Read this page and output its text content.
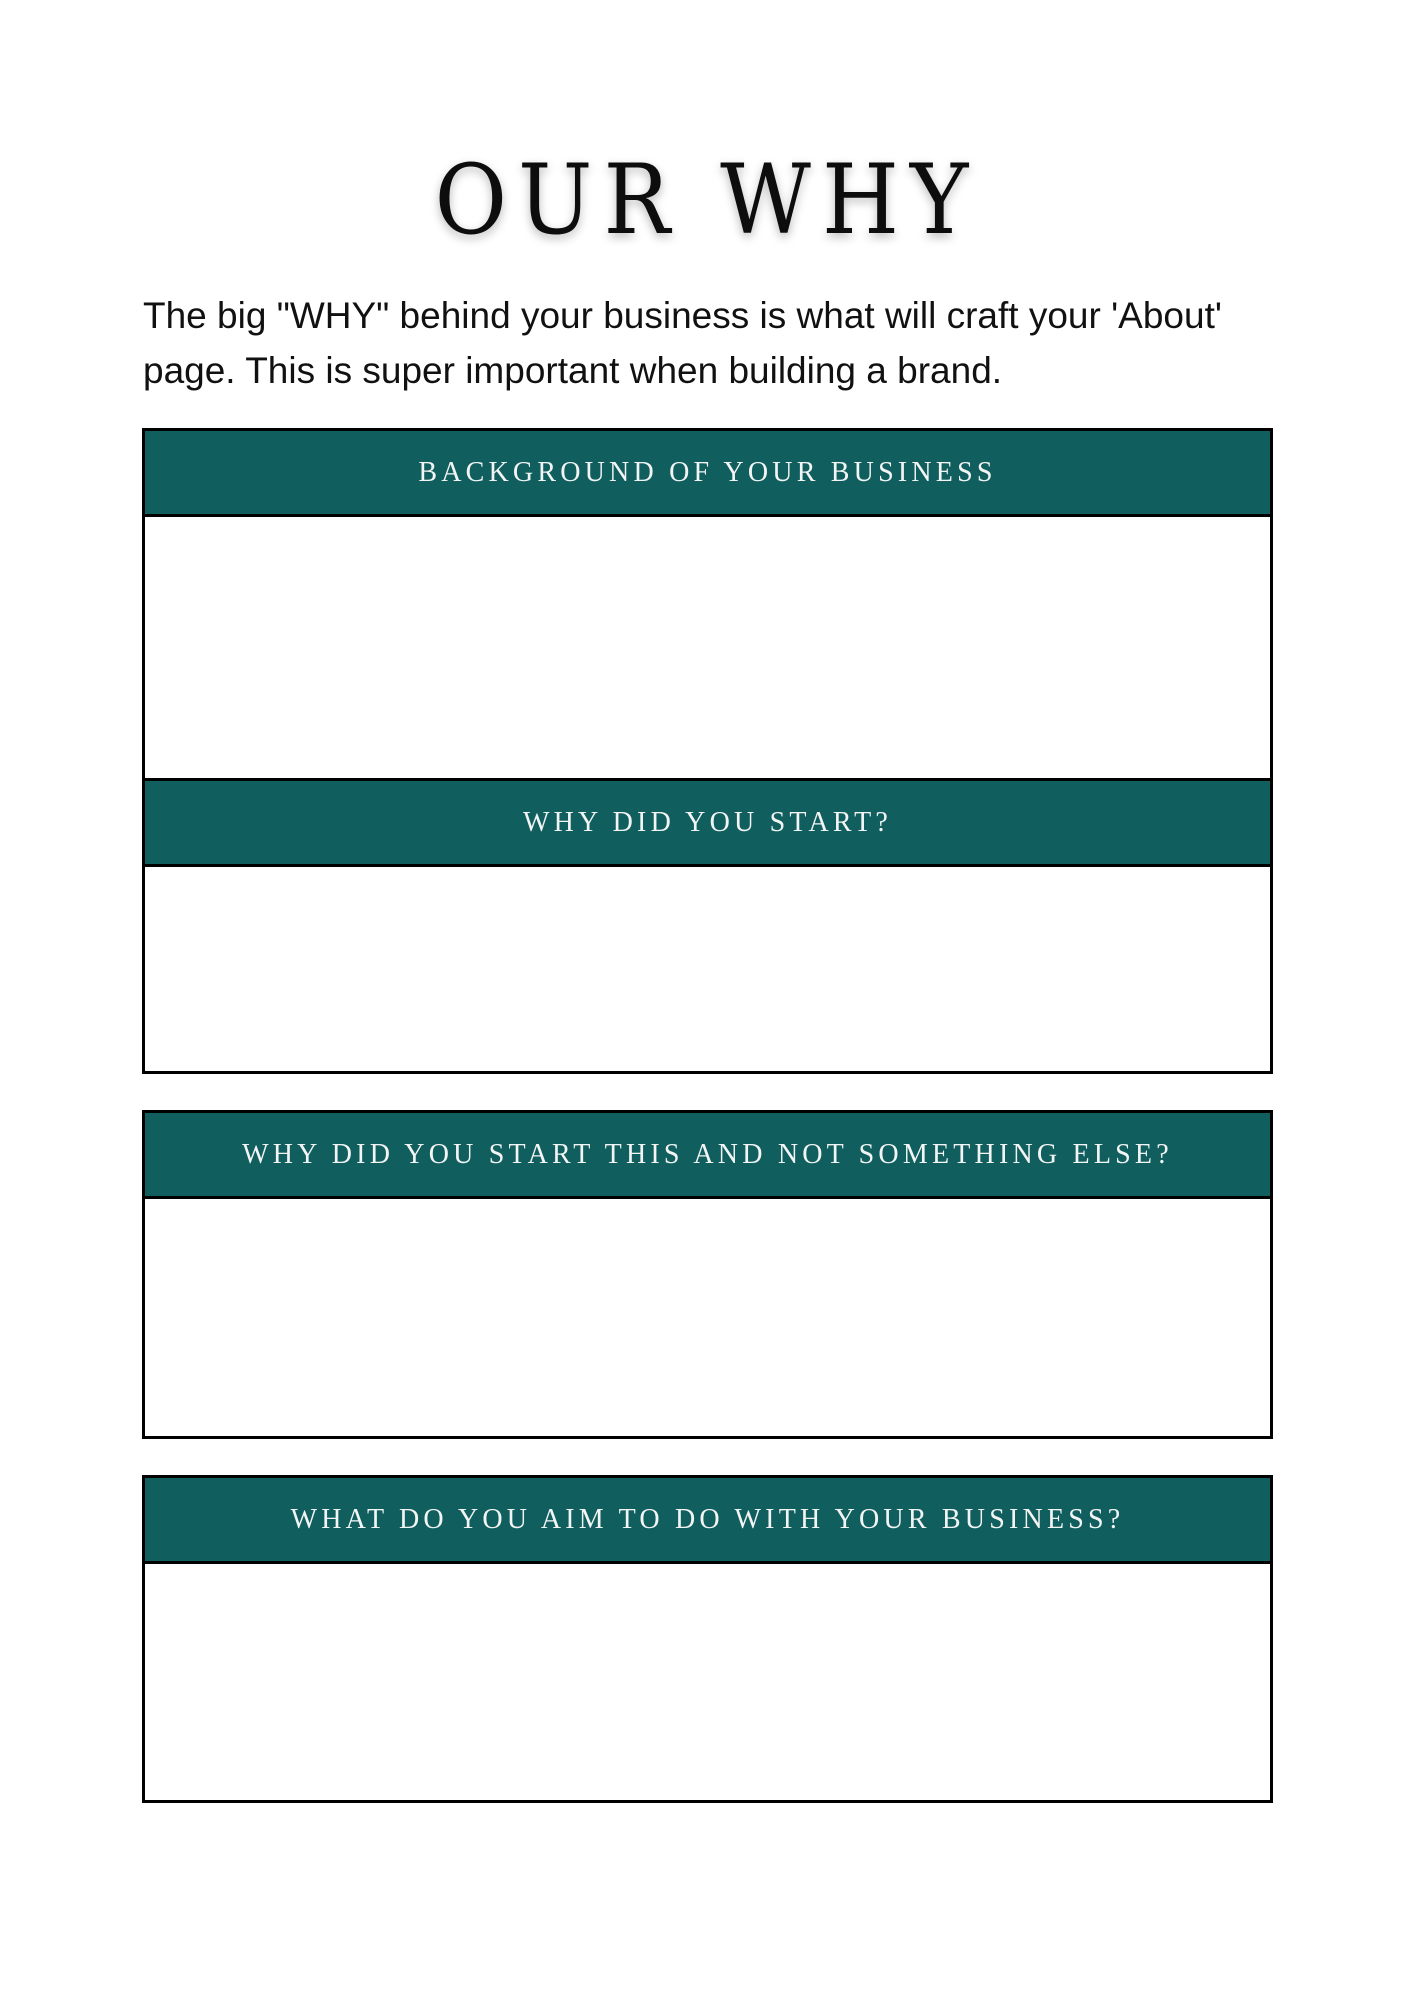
OUR WHY

The big "WHY" behind your business is what will craft your 'About' page. This is super important when building a brand.

BACKGROUND OF YOUR BUSINESS
WHY DID YOU START?
WHY DID YOU START THIS AND NOT SOMETHING ELSE?
WHAT DO YOU AIM TO DO WITH YOUR BUSINESS?
